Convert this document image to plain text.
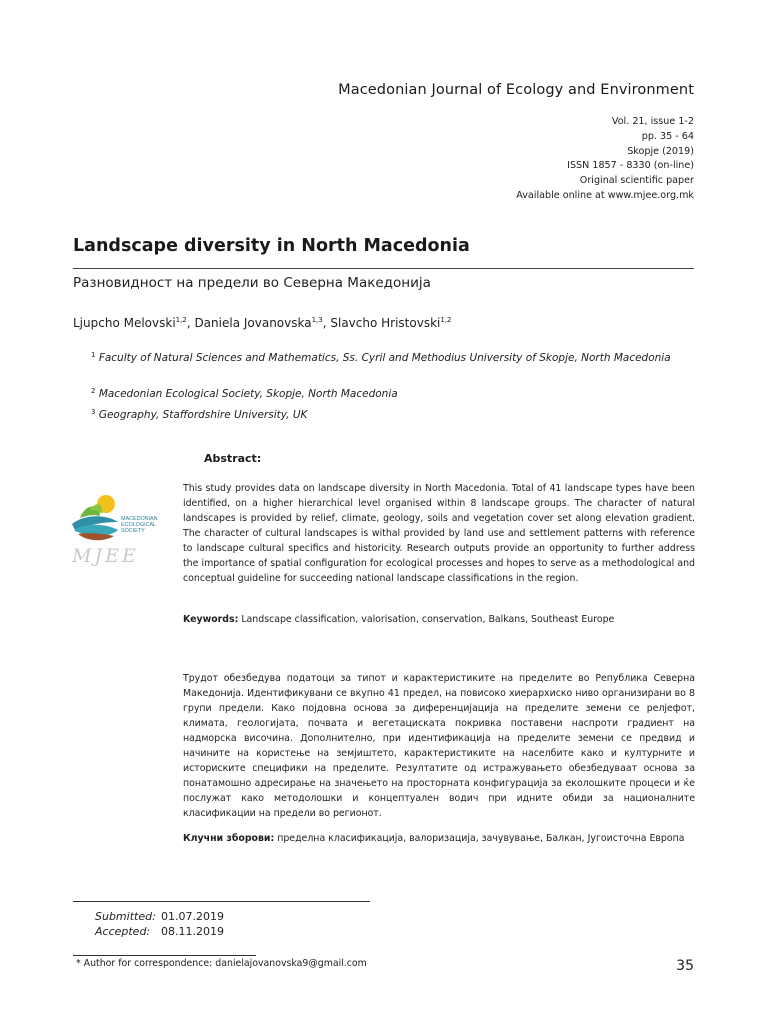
Macedonian Journal of Ecology and Environment
Vol. 21, issue 1-2
pp. 35 - 64
Skopje (2019)
ISSN 1857 - 8330 (on-line)
Original scientific paper
Available online at www.mjee.org.mk
Landscape diversity in North Macedonia
Разновидност на предели во Северна Македонија
Ljupcho Melovski$^{1,2}$, Daniela Jovanovska$^{1,3}$, Slavcho Hristovski$^{1,2}$
$^1$ Faculty of Natural Sciences and Mathematics, Ss. Cyril and Methodius University of Skopje, North Macedonia
$^2$ Macedonian Ecological Society, Skopje, North Macedonia
$^3$ Geography, Staffordshire University, UK
Abstract:
MACEDONIAN
ECOLOGICAL
SOCIETY
MJEE
This study provides data on landscape diversity in North Macedonia. Total of 41 landscape types have been identified, on a higher hierarchical level organised within 8 landscape groups. The character of natural landscapes is provided by relief, climate, geology, soils and vegetation cover set along elevation gradient. The character of cultural landscapes is withal provided by land use and settlement patterns with reference to landscape cultural specifics and historicity. Research outputs provide an opportunity to further address the importance of spatial configuration for ecological processes and hopes to serve as a methodological and conceptual guideline for succeeding national landscape classifications in the region.
Keywords: Landscape classification, valorisation, conservation, Balkans, Southeast Europe
Трудот обезбедува податоци за типот и карактеристиките на пределите во Република Северна Македонија. Идентификувани се вкупно 41 предел, на повисоко хиерархиско ниво организирани во 8 групи предели. Како појдовна основа за диференцијација на пределите земени се релјефот, климата, геологијата, почвата и вегетациската покривка поставени наспроти градиент на надморска височина. Дополнително, при идентификација на пределите земени се предвид и начините на користење на земјиштето, карактеристиките на населбите како и културните и историските специфики на пределите. Резултатите од истражувањето обезбедуваат основа за понатамошно адресирање на значењето на просторната конфигурација за еколошките процеси и ќе послужат како методолошки и концептуален водич при идните обиди за националните класификации на предели во регионот.
Клучни зборови: пределна класификација, валоризација, зачувување, Балкан, Југоисточна Европа
Submitted: 01.07.2019
Accepted: 08.11.2019
* Author for correspondence: danielajovanovska9@gmail.com	35
